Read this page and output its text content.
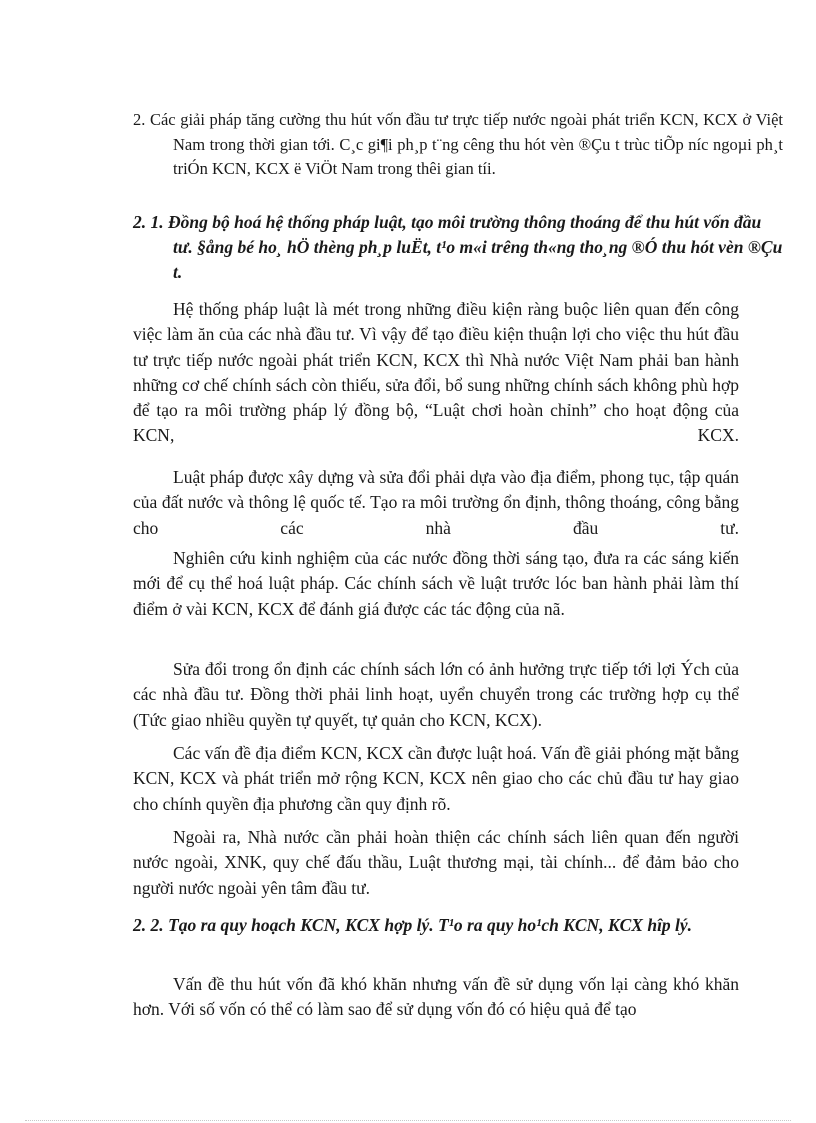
2. Các giải pháp tăng cường thu hút vốn đầu tư trực tiếp nước ngoài phát triển KCN, KCX ở Việt Nam trong thời gian tới. C¸c gi¶i ph¸p t¨ng cêng thu hót vèn ®Çu t trùc tiÕp níc ngoµi ph¸t triÓn KCN, KCX ë ViÖt Nam trong thêi gian tíi.
2. 1. Đồng bộ hoá hệ thống pháp luật, tạo môi trường thông thoáng để thu hút vốn đầu tư. §ång bé ho¸ hÖ thèng ph¸p luËt, t¹o m«i trêng th«ng tho¸ng ®Ó thu hót vèn ®Çu t.
Hệ thống pháp luật là mét trong những điều kiện ràng buộc liên quan đến công việc làm ăn của các nhà đầu tư. Vì vậy để tạo điều kiện thuận lợi cho việc thu hút đầu tư trực tiếp nước ngoài phát triển KCN, KCX thì Nhà nước Việt Nam phải ban hành những cơ chế chính sách còn thiếu, sửa đổi, bổ sung những chính sách không phù hợp để tạo ra môi trường pháp lý đồng bộ, “Luật chơi hoàn chỉnh” cho hoạt động của KCN, KCX.
Luật pháp được xây dựng và sửa đổi phải dựa vào địa điểm, phong tục, tập quán của đất nước và thông lệ quốc tế. Tạo ra môi trường ổn định, thông thoáng, công bằng cho các nhà đầu tư.
Nghiên cứu kinh nghiệm của các nước đồng thời sáng tạo, đưa ra các sáng kiến mới để cụ thể hoá luật pháp. Các chính sách về luật trước lóc ban hành phải làm thí điểm ở vài KCN, KCX để đánh giá được các tác động của nã.
Sửa đổi trong ổn định các chính sách lớn có ảnh hưởng trực tiếp tới lợi Ých của các nhà đầu tư. Đồng thời phải linh hoạt, uyển chuyển trong các trường hợp cụ thể (Tức giao nhiều quyền tự quyết, tự quản cho KCN, KCX).
Các vấn đề địa điểm KCN, KCX cần được luật hoá. Vấn đề giải phóng mặt bằng KCN, KCX và phát triển mở rộng KCN, KCX nên giao cho các chủ đầu tư hay giao cho chính quyền địa phương cần quy định rõ.
Ngoài ra, Nhà nước cần phải hoàn thiện các chính sách liên quan đến người nước ngoài, XNK, quy chế đấu thầu, Luật thương mại, tài chính... để đảm bảo cho người nước ngoài yên tâm đầu tư.
2. 2. Tạo ra quy hoạch KCN, KCX hợp lý. T¹o ra quy ho¹ch KCN, KCX hîp lý.
Vấn đề thu hút vốn đã khó khăn nhưng vấn đề sử dụng vốn lại càng khó khăn hơn. Với số vốn có thể có làm sao để sử dụng vốn đó có hiệu quả để tạo
